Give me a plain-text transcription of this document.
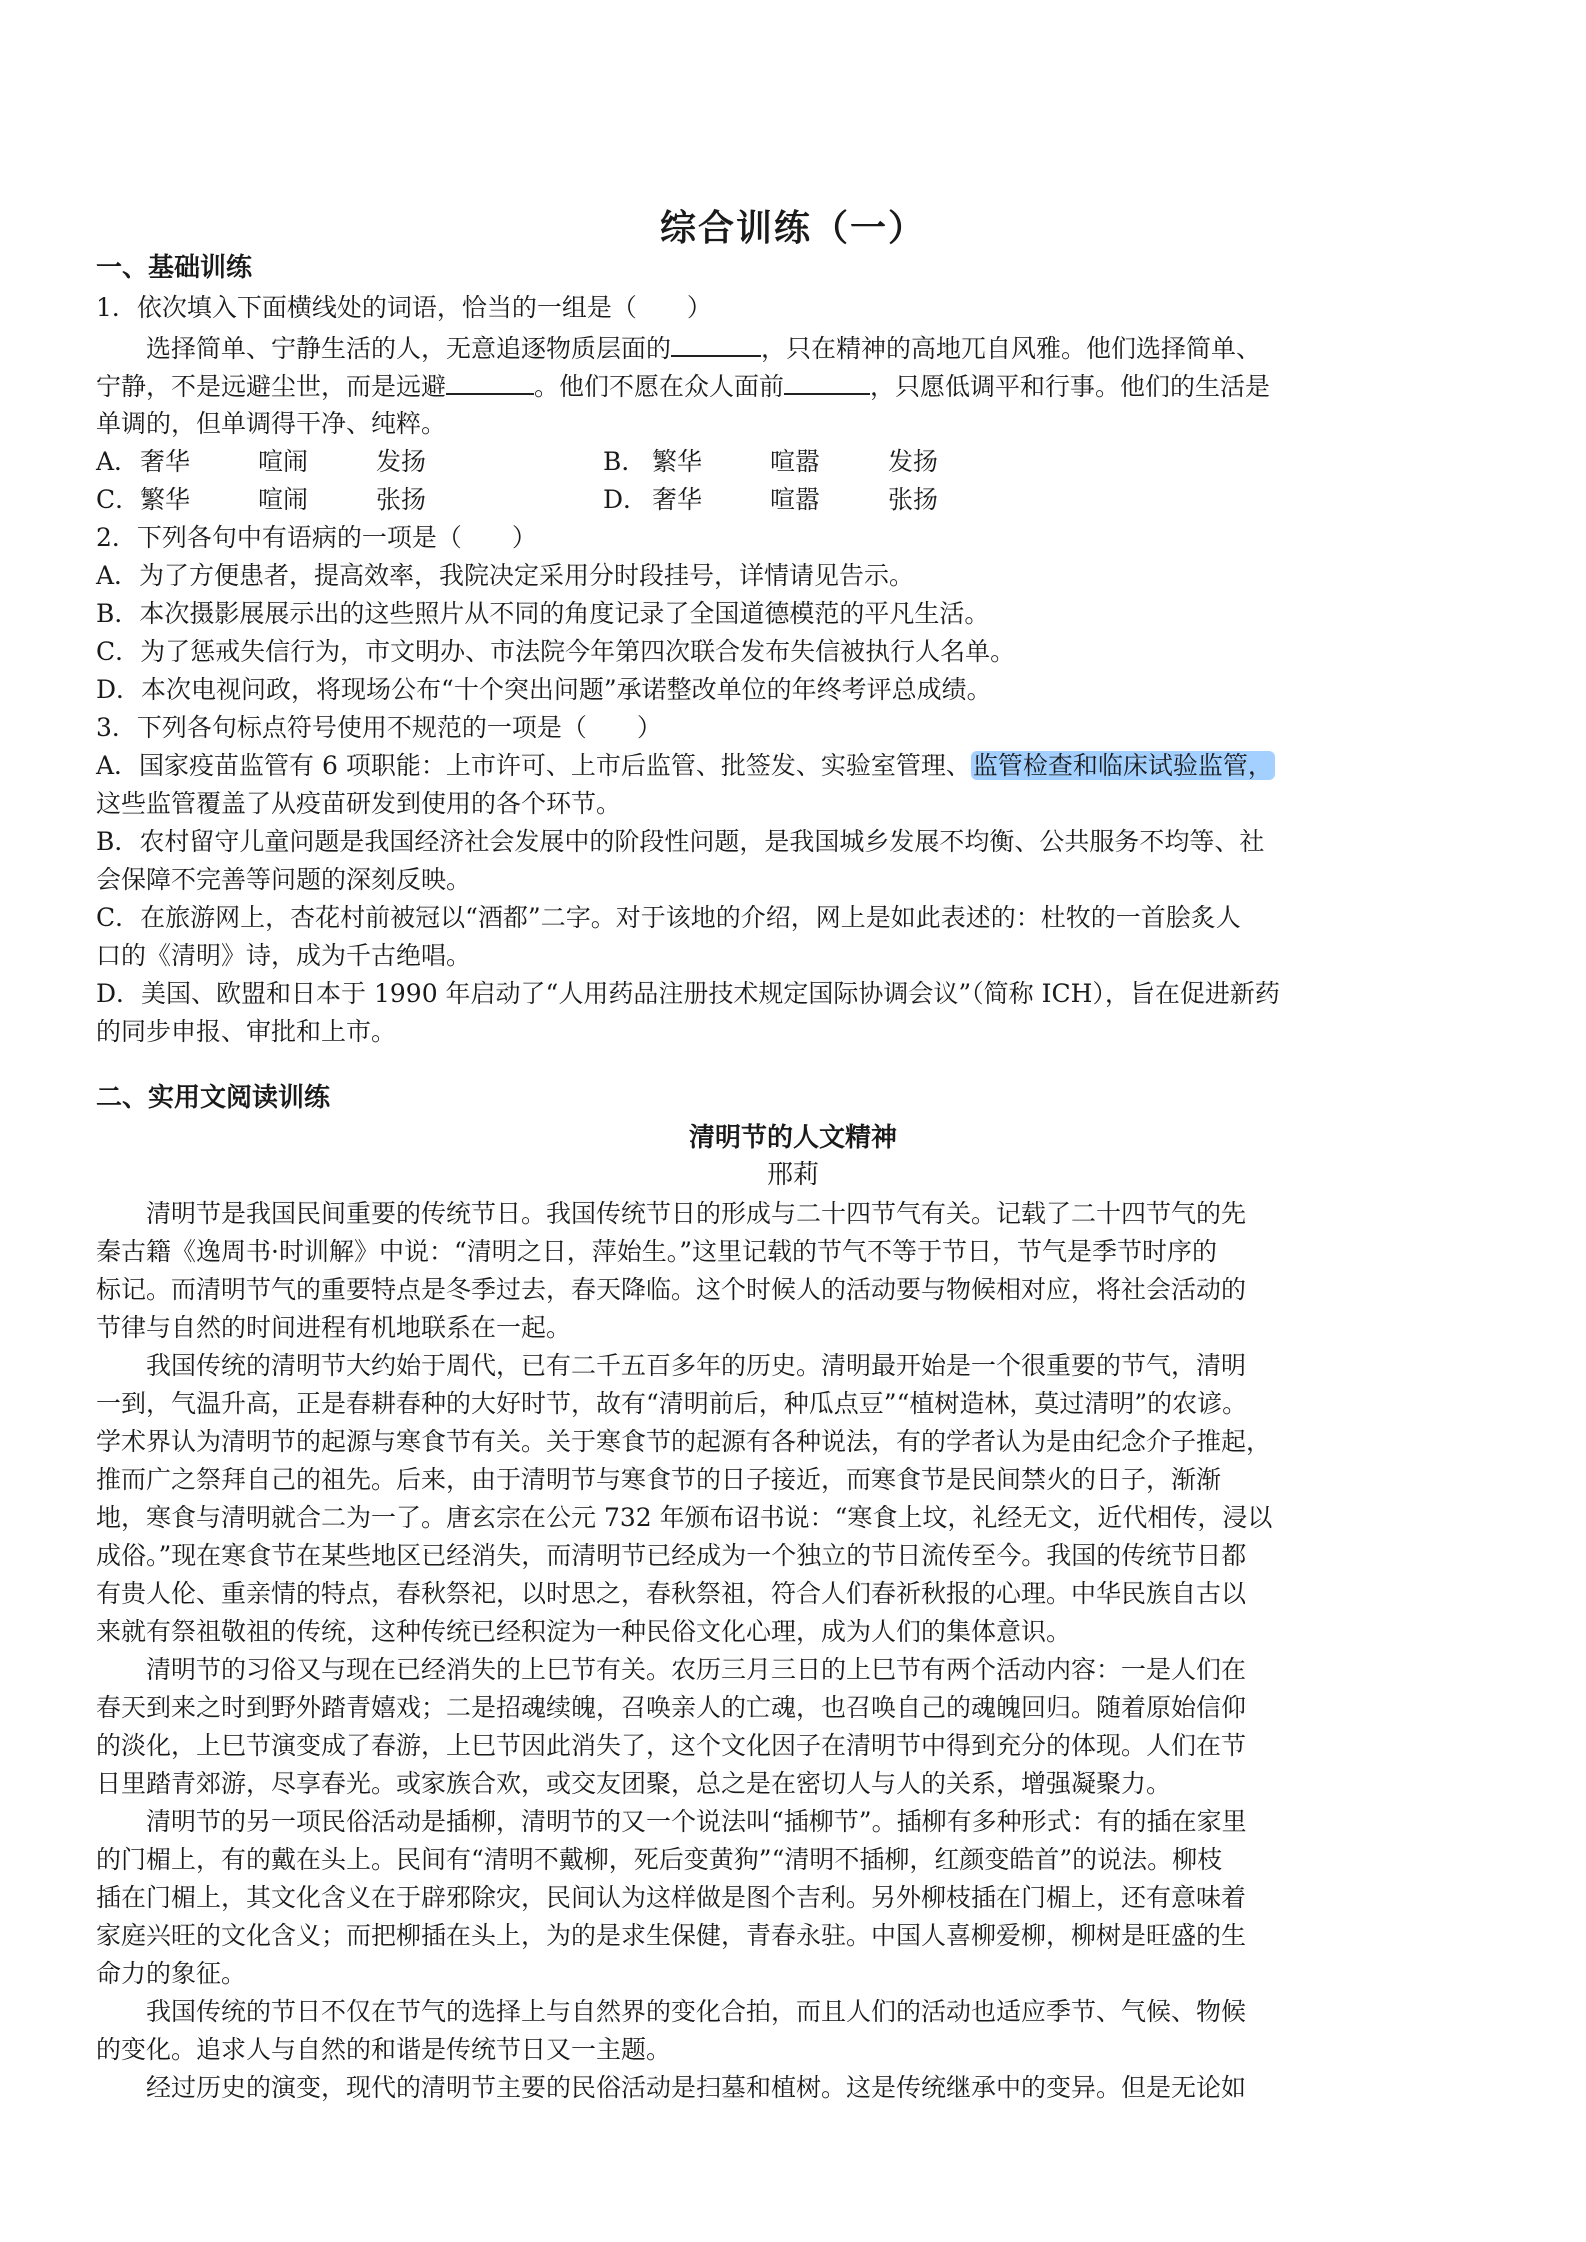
综合训练（一）
一、基础训练
1．依次填入下面横线处的词语，恰当的一组是（　　）
　　选择简单、宁静生活的人，无意追逐物质层面的	，只在精神的高地兀自风雅。他们选择简单、
宁静，不是远避尘世，而是远避	。他们不愿在众人面前	，只愿低调平和行事。他们的生活是
单调的，但单调得干净、纯粹。
A． 奢华	喧闹	发扬	B． 繁华	喧嚣	发扬
C． 繁华	喧闹	张扬	D． 奢华	喧嚣	张扬
2．下列各句中有语病的一项是（　　）
A．为了方便患者，提高效率，我院决定采用分时段挂号，详情请见告示。
B．本次摄影展展示出的这些照片从不同的角度记录了全国道德模范的平凡生活。
C．为了惩戒失信行为，市文明办、市法院今年第四次联合发布失信被执行人名单。
D．本次电视问政，将现场公布“十个突出问题”承诺整改单位的年终考评总成绩。
3．下列各句标点符号使用不规范的一项是（　　）
A．国家疫苗监管有 6 项职能：上市许可、上市后监管、批签发、实验室管理、监管检查和临床试验监管，
这些监管覆盖了从疫苗研发到使用的各个环节。
B．农村留守儿童问题是我国经济社会发展中的阶段性问题，是我国城乡发展不均衡、公共服务不均等、社
会保障不完善等问题的深刻反映。
C．在旅游网上，杏花村前被冠以“酒都”二字。对于该地的介绍，网上是如此表述的：杜牧的一首脍炙人
口的《清明》诗，成为千古绝唱。
D．美国、欧盟和日本于 1990 年启动了“人用药品注册技术规定国际协调会议”（简称 ICH），旨在促进新药
的同步申报、审批和上市。
二、实用文阅读训练
清明节的人文精神
邢莉
　　清明节是我国民间重要的传统节日。我国传统节日的形成与二十四节气有关。记载了二十四节气的先
秦古籍《逸周书·时训解》中说：“清明之日，萍始生。”这里记载的节气不等于节日，节气是季节时序的
标记。而清明节气的重要特点是冬季过去，春天降临。这个时候人的活动要与物候相对应，将社会活动的
节律与自然的时间进程有机地联系在一起。
　　我国传统的清明节大约始于周代，已有二千五百多年的历史。清明最开始是一个很重要的节气，清明
一到，气温升高，正是春耕春种的大好时节，故有“清明前后，种瓜点豆”“植树造林，莫过清明”的农谚。
学术界认为清明节的起源与寒食节有关。关于寒食节的起源有各种说法，有的学者认为是由纪念介子推起，
推而广之祭拜自己的祖先。后来，由于清明节与寒食节的日子接近，而寒食节是民间禁火的日子，渐渐
地，寒食与清明就合二为一了。唐玄宗在公元 732 年颁布诏书说：“寒食上坟，礼经无文，近代相传，浸以
成俗。”现在寒食节在某些地区已经消失，而清明节已经成为一个独立的节日流传至今。我国的传统节日都
有贵人伦、重亲情的特点，春秋祭祀，以时思之，春秋祭祖，符合人们春祈秋报的心理。中华民族自古以
来就有祭祖敬祖的传统，这种传统已经积淀为一种民俗文化心理，成为人们的集体意识。
　　清明节的习俗又与现在已经消失的上巳节有关。农历三月三日的上巳节有两个活动内容：一是人们在
春天到来之时到野外踏青嬉戏；二是招魂续魄，召唤亲人的亡魂，也召唤自己的魂魄回归。随着原始信仰
的淡化，上巳节演变成了春游，上巳节因此消失了，这个文化因子在清明节中得到充分的体现。人们在节
日里踏青郊游，尽享春光。或家族合欢，或交友团聚，总之是在密切人与人的关系，增强凝聚力。
　　清明节的另一项民俗活动是插柳，清明节的又一个说法叫“插柳节”。插柳有多种形式：有的插在家里
的门楣上，有的戴在头上。民间有“清明不戴柳，死后变黄狗”“清明不插柳，红颜变皓首”的说法。柳枝
插在门楣上，其文化含义在于辟邪除灾，民间认为这样做是图个吉利。另外柳枝插在门楣上，还有意味着
家庭兴旺的文化含义；而把柳插在头上，为的是求生保健，青春永驻。中国人喜柳爱柳，柳树是旺盛的生
命力的象征。
　　我国传统的节日不仅在节气的选择上与自然界的变化合拍，而且人们的活动也适应季节、气候、物候
的变化。追求人与自然的和谐是传统节日又一主题。
　　经过历史的演变，现代的清明节主要的民俗活动是扫墓和植树。这是传统继承中的变异。但是无论如
